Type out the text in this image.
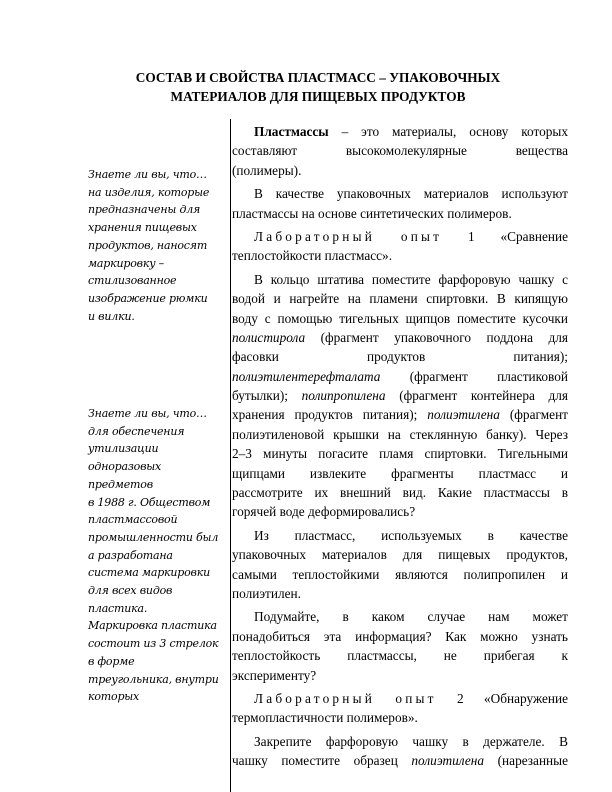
СОСТАВ И СВОЙСТВА ПЛАСТМАСС – УПАКОВОЧНЫХ
МАТЕРИАЛОВ ДЛЯ ПИЩЕВЫХ ПРОДУКТОВ
Знаете ли вы, что…
на изделия, которые
предназначены для
хранения пищевых
продуктов, наносят
маркировку –
стилизованное
изображение рюмки
и вилки.
Знаете ли вы, что…
для обеспечения
утилизации
одноразовых
предметов
в 1988 г. Обществом
пластмассовой
промышленности был
а разработана
система маркировки
для всех видов
пластика.
Маркировка пластика
состоит из 3 стрелок
в форме
треугольника, внутри
которых
Пластмассы – это материалы, основу которых
составляют высокомолекулярные вещества
(полимеры).
В качестве упаковочных материалов используют
пластмассы на основе синтетических полимеров.
Лабораторный опыт 1 «Сравнение
теплостойкости пластмасс».
В кольцо штатива поместите фарфоровую чашку с
водой и нагрейте на пламени спиртовки. В кипящую
воду с помощью тигельных щипцов поместите кусочки
полистирола (фрагмент упаковочного поддона для
фасовки продуктов питания);
полиэтилентерефталата (фрагмент пластиковой
бутылки); полипропилена (фрагмент контейнера для
хранения продуктов питания); полиэтилена (фрагмент
полиэтиленовой крышки на стеклянную банку). Через
2–3 минуты погасите пламя спиртовки. Тигельными
щипцами извлеките фрагменты пластмасс и
рассмотрите их внешний вид. Какие пластмассы в
горячей воде деформировались?
Из пластмасс, используемых в качестве
упаковочных материалов для пищевых продуктов,
самыми теплостойкими являются полипропилен и
полиэтилен.
Подумайте, в каком случае нам может
понадобиться эта информация? Как можно узнать
теплостойкость пластмассы, не прибегая к
эксперименту?
Лабораторный опыт 2 «Обнаружение
термопластичности полимеров».
Закрепите фарфоровую чашку в держателе. В
чашку поместите образец полиэтилена (нарезанные
